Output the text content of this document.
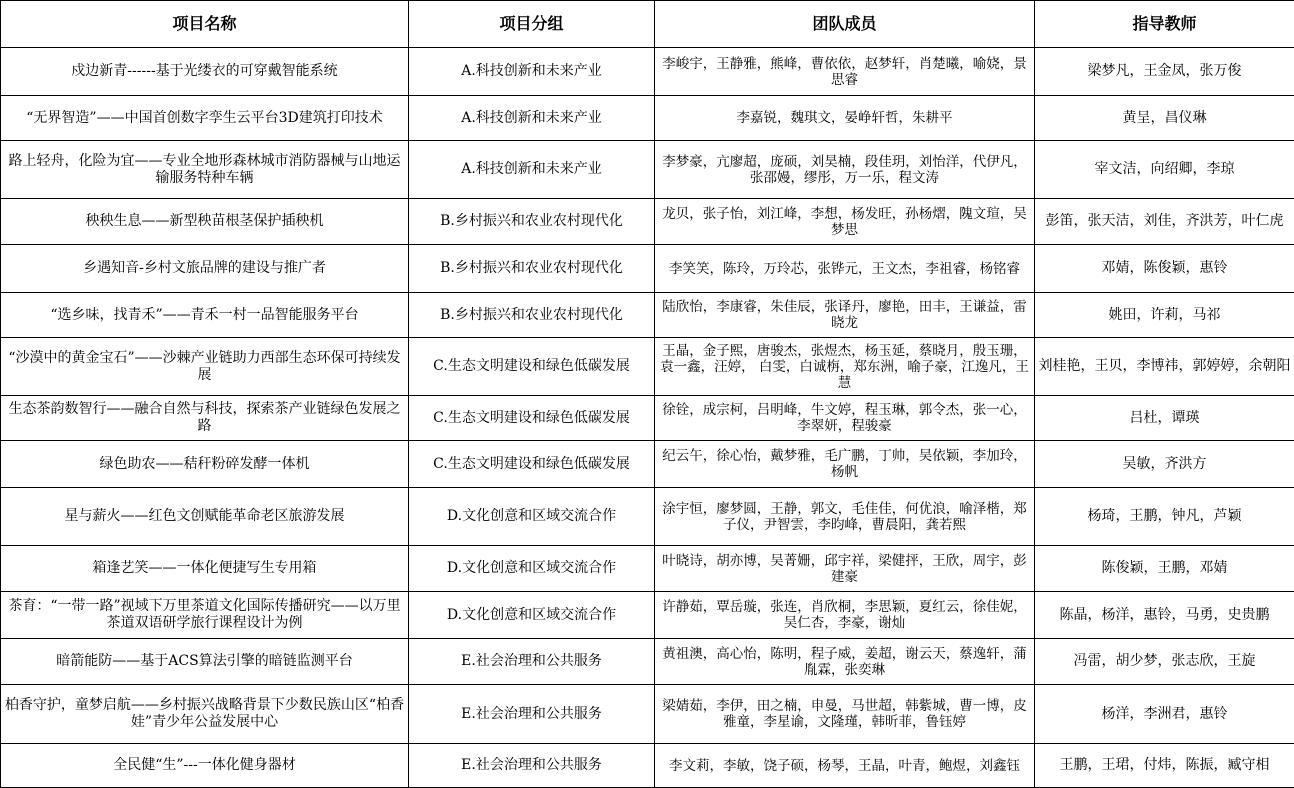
项目名称	项目分组	团队成员	指导教师
戍边新青------基于光缕衣的可穿戴智能系统	A.科技创新和未来产业	李峻宇，王静雅，熊峰，曹依依，赵梦轩，肖楚曦，喻娆，景思睿	梁梦凡，王金凤，张万俊
“无界智造”——中国首创数字孪生云平台3D建筑打印技术	A.科技创新和未来产业	李嘉锐，魏琪文，晏峥轩哲，朱耕平	黄呈，昌仪琳
路上轻舟，化险为宜——专业全地形森林城市消防器械与山地运输服务特种车辆	A.科技创新和未来产业	李梦豪，亢廖超，庞硕，刘昊楠，段佳玥，刘怡洋，代伊凡，张邵嫚，缪彤，万一乐，程文涛	宰文洁，向绍卿，李琼
秧秧生息——新型秧苗根茎保护插秧机	B.乡村振兴和农业农村现代化	龙贝，张子怡，刘江峰，李想，杨发旺，孙杨熠，隗文瑄，吴梦思	彭笛，张天洁，刘佳，齐洪芳，叶仁虎
乡遇知音-乡村文旅品牌的建设与推广者	B.乡村振兴和农业农村现代化	李笑笑，陈玲，万玲芯，张铧元，王文杰，李祖睿，杨铭睿	邓婧，陈俊颖，惠铃
“选乡味，找青禾”——青禾一村一品智能服务平台	B.乡村振兴和农业农村现代化	陆欣怡，李康睿，朱佳辰，张译丹，廖艳，田丰，王谦益，雷晓龙	姚田，许莉，马祁
“沙漠中的黄金宝石”——沙棘产业链助力西部生态环保可持续发展	C.生态文明建设和绿色低碳发展	王晶，金子熙，唐骏杰，张煜杰，杨玉延，蔡晓月，殷玉珊，袁一鑫，汪婷， 白雯，白诚栴，郑东洲，喻子豪，江逸凡，王慧	刘桂艳，王贝，李博祎，郭婷婷，余朝阳
生态茶韵数智行——融合自然与科技，探索茶产业链绿色发展之路	C.生态文明建设和绿色低碳发展	徐铨，成宗柯，吕明峰，牛文婷，程玉琳，郭令杰，张一心，李翠妍，程骏豪	吕杜，谭瑛
绿色助农——秸秆粉碎发酵一体机	C.生态文明建设和绿色低碳发展	纪云午，徐心怡，戴梦雅，毛广鹏，丁帅，吴依颖，李加玲，杨帆	吴敏，齐洪方
星与薪火——红色文创赋能革命老区旅游发展	D.文化创意和区域交流合作	涂宇恒，廖梦圆，王静，郭文，毛佳佳，何优浪，喻泽楷，郑子仪，尹智雲，李昀峰，曹晨阳，龚若熙	杨琦，王鹏，钟凡，芦颖
箱逢艺笑——一体化便捷写生专用箱	D.文化创意和区域交流合作	叶晓诗，胡亦博，吴菁姗，邱宇祥，梁健抨，王欣，周宇，彭建豪	陈俊颖，王鹏，邓婧
茶育：“一带一路”视域下万里茶道文化国际传播研究——以万里茶道双语研学旅行课程设计为例	D.文化创意和区域交流合作	许静茹，覃岳璇，张连，肖欣桐，李思颖，夏红云，徐佳妮，吴仁杏，李豪，谢灿	陈晶，杨洋，惠铃，马勇，史贵鹏
暗箭能防——基于ACS算法引擎的暗链监测平台	E.社会治理和公共服务	黄祖澳，高心怡，陈明，程子威，姜超，谢云天，蔡逸轩，蒲胤霖，张奕琳	冯雷，胡少梦，张志欣，王旋
柏香守护，童梦启航——乡村振兴战略背景下少数民族山区“柏香娃”青少年公益发展中心	E.社会治理和公共服务	梁婧茹，李伊，田之楠，申曼，马世超，韩紫城，曹一博，皮雅童，李星谕，文隆瑾，韩昕菲，鲁钰婷	杨洋，李洲君，惠铃
全民健“生”---一体化健身器材	E.社会治理和公共服务	李文莉，李敏，饶子硕，杨琴，王晶，叶青，鲍煜，刘鑫钰	王鹏，王珺，付炜，陈振，臧守相
